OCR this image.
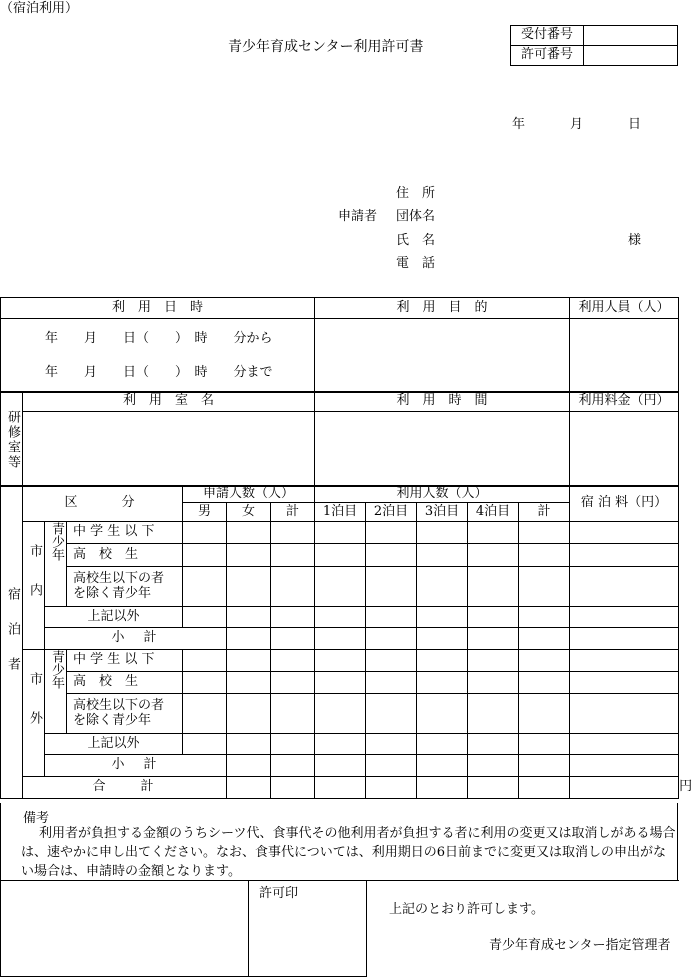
（宿泊利用）
青少年育成センター利用許可書
受付番号	
許可番号	
年	月	日
住　所
申請者 団体名
氏　名	様
電　話
利　用　日　時	利　用　目　的	利用人員（人）

年　　月　　日（　　）　時　　分から
年　　月　　日（　　）　時　　分まで		

研修室等	利　用　室　名	利　用　時　間	利用料金（円）

宿泊者	区　　分			申請人数（人）			利用人数（人）					宿 泊 料（円）	
				男	女	計	1泊目	2泊目	3泊目	4泊目	計		
	市内	青少年	中 学 生 以 下										
			高　校　生										

			高校生以下の者
を除く青少年										

		上記以外											
		小　計											
	市外	青少年	中 学 生 以 下										
			高　校　生										

			高校生以下の者
を除く青少年										

		上記以外											
		小　計											
	合　　計												円
備考
利用者が負担する金額のうちシーツ代、食事代その他利用者が負担する者に利用の変更又は取消しがある場合は、速やかに申し出てください。なお、食事代については、利用期日の6日前までに変更又は取消しの申出がない場合は、申請時の金額となります。
	許可印	
上記のとおり許可します。
青少年育成センター指定管理者
